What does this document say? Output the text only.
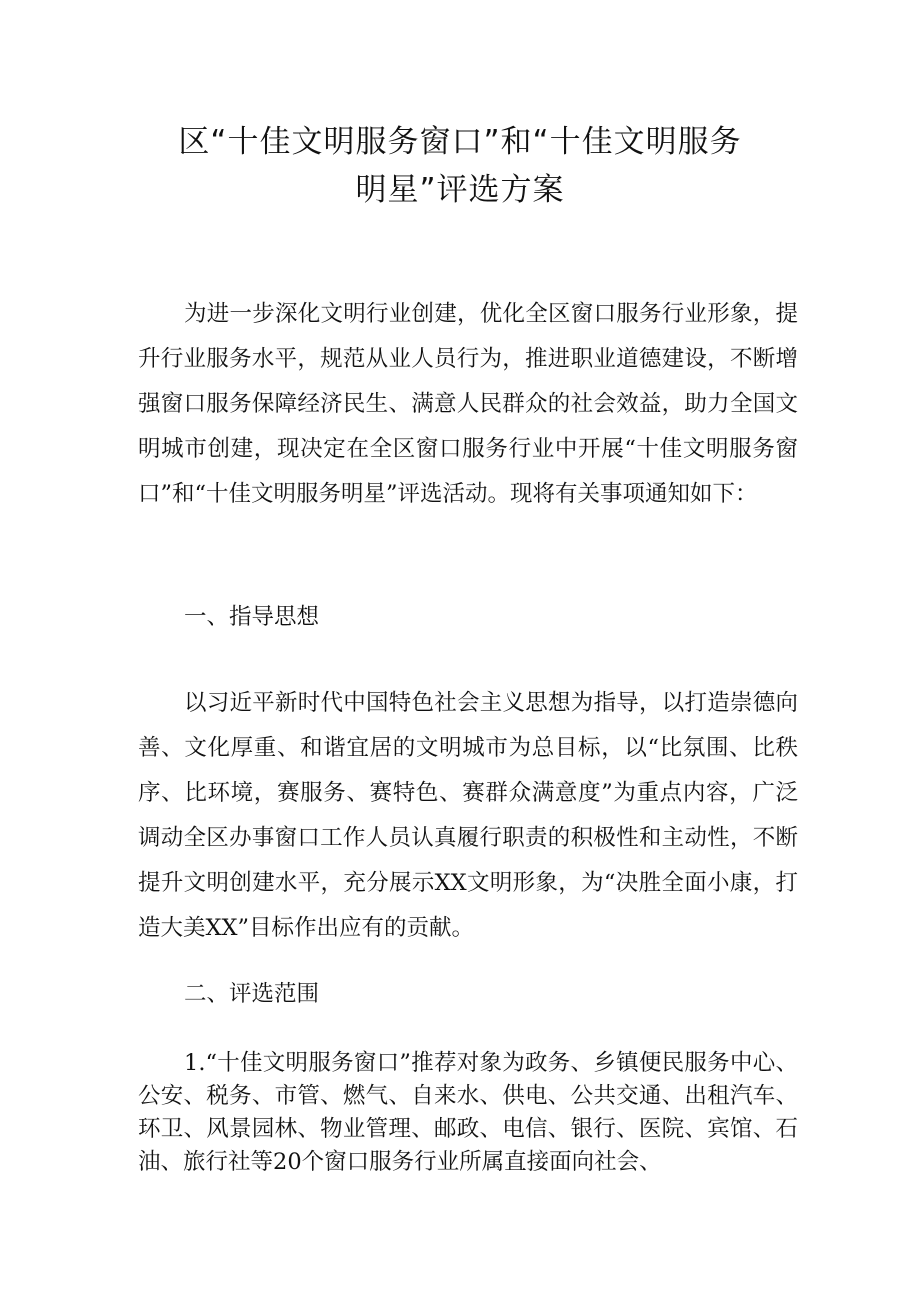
区“十佳文明服务窗口”和“十佳文明服务
明星”评选方案

为进一步深化文明行业创建，优化全区窗口服务行业形象，提升行业服务水平，规范从业人员行为，推进职业道德建设，不断增强窗口服务保障经济民生、满意人民群众的社会效益，助力全国文明城市创建，现决定在全区窗口服务行业中开展“十佳文明服务窗口”和“十佳文明服务明星”评选活动。现将有关事项通知如下：

一、指导思想

以习近平新时代中国特色社会主义思想为指导，以打造崇德向善、文化厚重、和谐宜居的文明城市为总目标，以“比氛围、比秩序、比环境，赛服务、赛特色、赛群众满意度”为重点内容，广泛调动全区办事窗口工作人员认真履行职责的积极性和主动性，不断提升文明创建水平，充分展示XX文明形象，为“决胜全面小康，打造大美XX”目标作出应有的贡献。

二、评选范围

1.“十佳文明服务窗口”推荐对象为政务、乡镇便民服务中心、公安、税务、市管、燃气、自来水、供电、公共交通、出租汽车、环卫、风景园林、物业管理、邮政、电信、银行、医院、宾馆、石油、旅行社等20个窗口服务行业所属直接面向社会、
